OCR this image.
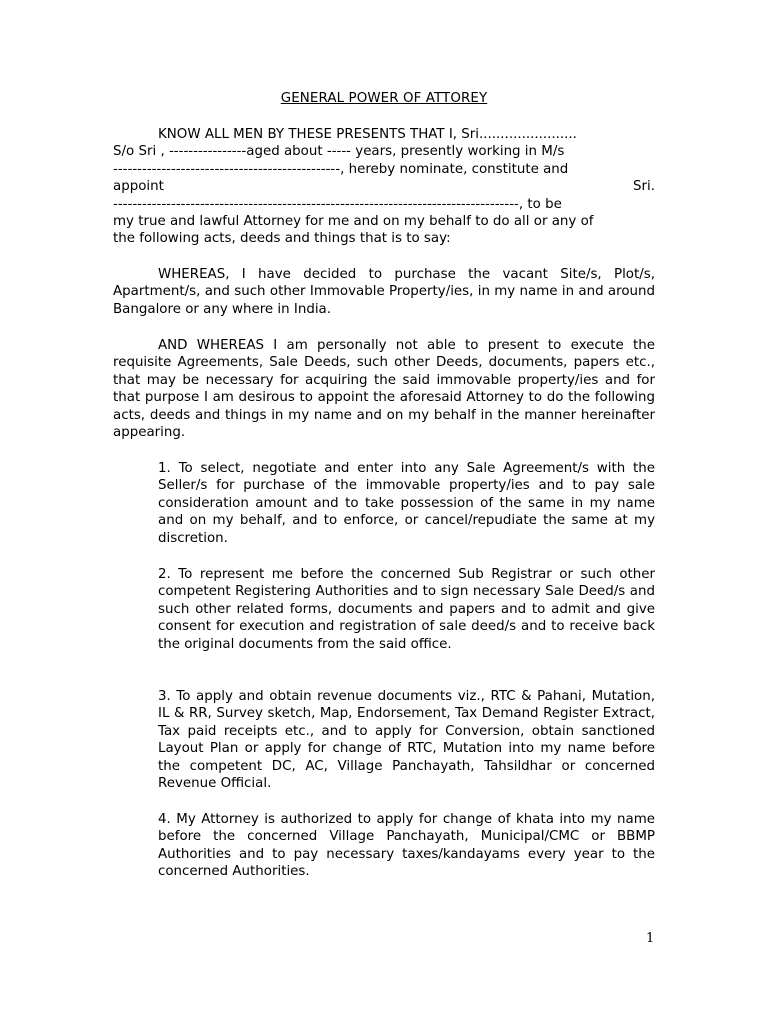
GENERAL POWER OF ATTOREY
KNOW ALL MEN BY THESE PRESENTS THAT I, Sri.......................
S/o Sri , ----------------aged about ----- years, presently working in M/s
-----------------------------------------------, hereby nominate, constitute and
appoint	Sri.
------------------------------------------------------------------------------------, to be
my true and lawful Attorney for me and on my behalf to do all or any of
the following acts, deeds and things that is to say:
WHEREAS, I have decided to purchase the vacant Site/s, Plot/s, Apartment/s, and such other Immovable Property/ies, in my name in and around Bangalore or any where in India.
AND WHEREAS I am personally not able to present to execute the requisite Agreements, Sale Deeds, such other Deeds, documents, papers etc., that may be necessary for acquiring the said immovable property/ies and for that purpose I am desirous to appoint the aforesaid Attorney to do the following acts, deeds and things in my name and on my behalf in the manner hereinafter appearing.
1. To select, negotiate and enter into any Sale Agreement/s with the Seller/s for purchase of the immovable property/ies and to pay sale consideration amount and to take possession of the same in my name and on my behalf, and to enforce, or cancel/repudiate the same at my discretion.
2. To represent me before the concerned Sub Registrar or such other competent Registering Authorities and to sign necessary Sale Deed/s and such other related forms, documents and papers and to admit and give consent for execution and registration of sale deed/s and to receive back the original documents from the said office.
3. To apply and obtain revenue documents viz., RTC & Pahani, Mutation, IL & RR, Survey sketch, Map, Endorsement, Tax Demand Register Extract, Tax paid receipts etc., and to apply for Conversion, obtain sanctioned Layout Plan or apply for change of RTC, Mutation into my name before the competent DC, AC, Village Panchayath, Tahsildhar or concerned Revenue Official.
4. My Attorney is authorized to apply for change of khata into my name before the concerned Village Panchayath, Municipal/CMC or BBMP Authorities and to pay necessary taxes/kandayams every year to the concerned Authorities.
1
